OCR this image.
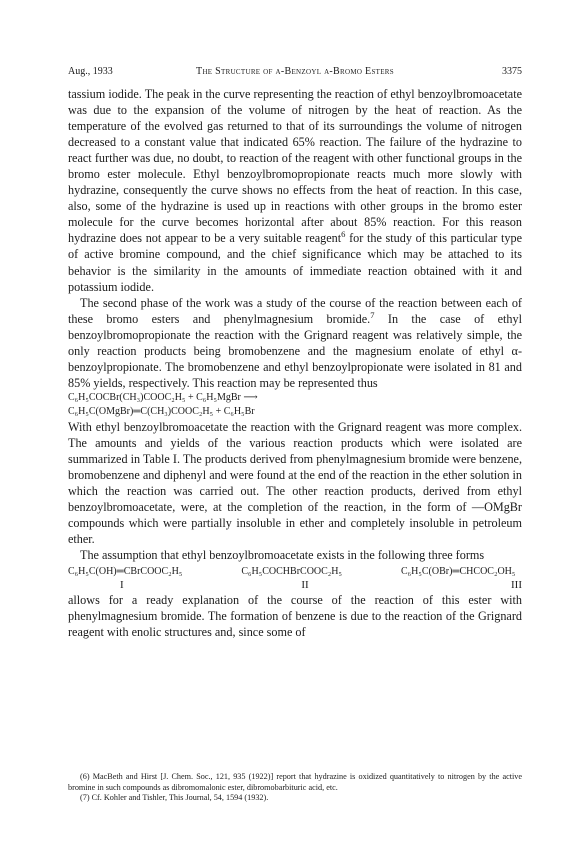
Aug., 1933	The Structure of α-Benzoyl α-Bromo Esters	3375

tassium iodide. The peak in the curve representing the reaction of ethyl benzoylbromoacetate was due to the expansion of the volume of nitrogen by the heat of reaction. As the temperature of the evolved gas returned to that of its surroundings the volume of nitrogen decreased to a constant value that indicated 65% reaction. The failure of the hydrazine to react further was due, no doubt, to reaction of the reagent with other functional groups in the bromo ester molecule. Ethyl benzoylbromopropionate reacts much more slowly with hydrazine, consequently the curve shows no effects from the heat of reaction. In this case, also, some of the hydrazine is used up in reactions with other groups in the bromo ester molecule for the curve becomes horizontal after about 85% reaction. For this reason hydrazine does not appear to be a very suitable reagent$^6$ for the study of this particular type of active bromine compound, and the chief significance which may be attached to its behavior is the similarity in the amounts of immediate reaction obtained with it and potassium iodide.

The second phase of the work was a study of the course of the reaction between each of these bromo esters and phenylmagnesium bromide.$^7$ In the case of ethyl benzoylbromopropionate the reaction with the Grignard reagent was relatively simple, the only reaction products being bromobenzene and the magnesium enolate of ethyl α-benzoylpropionate. The bromobenzene and ethyl benzoylpropionate were isolated in 81 and 85% yields, respectively. This reaction may be represented thus

C₆H₅COCBr(CH₃)COOC₂H₅ + C₆H₅MgBr ⟶

C₆H₅C(OMgBr)═C(CH₃)COOC₂H₅ + C₆H₅Br

With ethyl benzoylbromoacetate the reaction with the Grignard reagent was more complex. The amounts and yields of the various reaction products which were isolated are summarized in Table I. The products derived from phenylmagnesium bromide were benzene, bromobenzene and diphenyl and were found at the end of the reaction in the ether solution in which the reaction was carried out. The other reaction products, derived from ethyl benzoylbromoacetate, were, at the completion of the reaction, in the form of —OMgBr compounds which were partially insoluble in ether and completely insoluble in petroleum ether.

The assumption that ethyl benzoylbromoacetate exists in the following three forms

C₆H₅C(OH)═CBrCOOC₂H₅
I
C₆H₅COCHBrCOOC₂H₅
II
C₆H₅C(OBr)═CHCOC₂OH₅
III

allows for a ready explanation of the course of the reaction of this ester with phenylmagnesium bromide. The formation of benzene is due to the reaction of the Grignard reagent with enolic structures and, since some of

(6) MacBeth and Hirst [J. Chem. Soc., 121, 935 (1922)] report that hydrazine is oxidized quantitatively to nitrogen by the active bromine in such compounds as dibromomalonic ester, dibromobarbituric acid, etc.

(7) Cf. Kohler and Tishler, This Journal, 54, 1594 (1932).
